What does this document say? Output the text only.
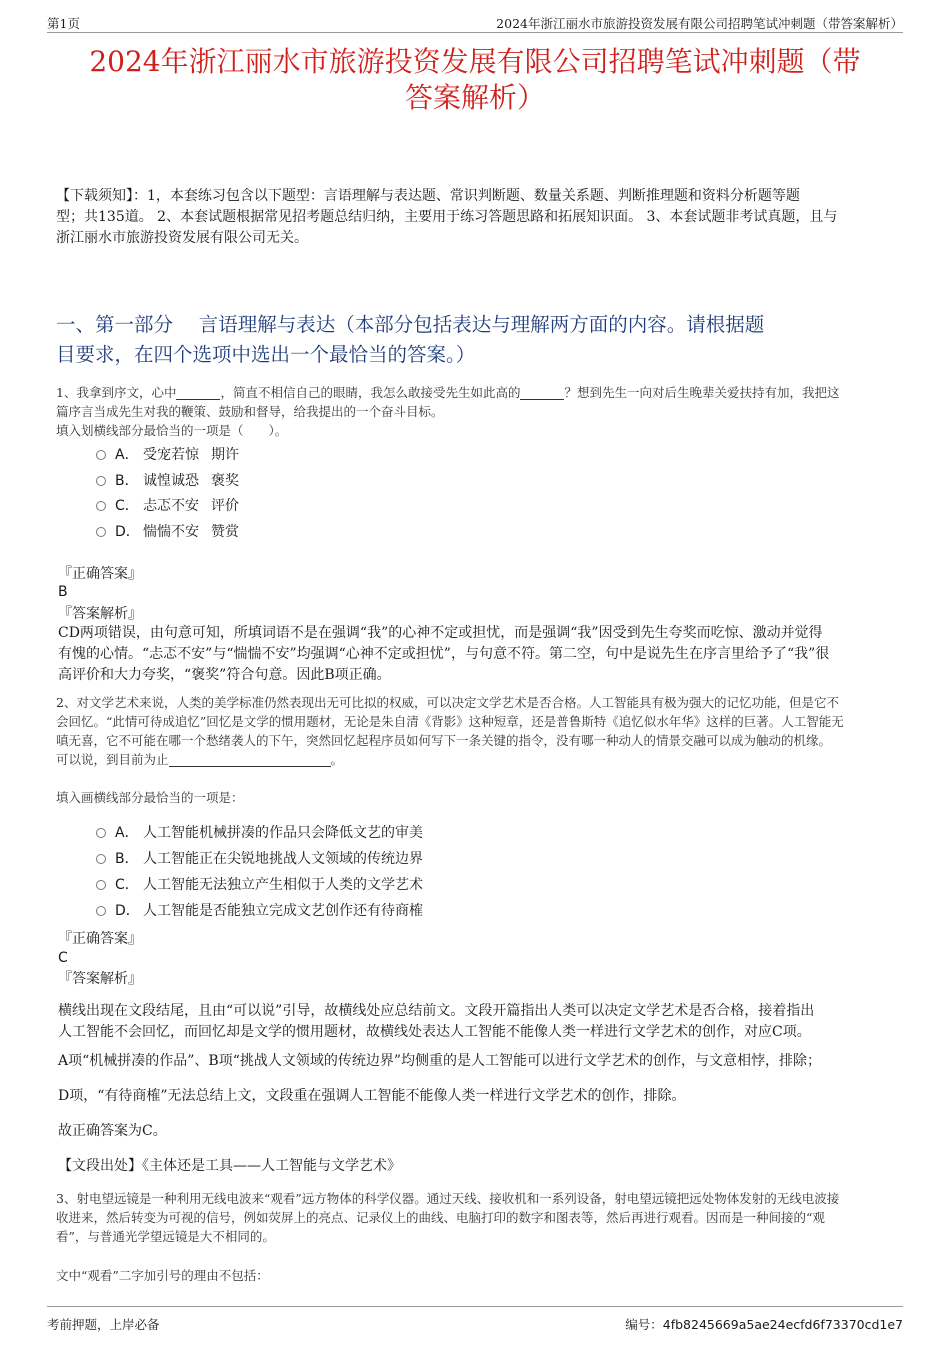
第1页	2024年浙江丽水市旅游投资发展有限公司招聘笔试冲刺题（带答案解析）
2024年浙江丽水市旅游投资发展有限公司招聘笔试冲刺题（带
答案解析）
【下载须知】：1，本套练习包含以下题型：言语理解与表达题、常识判断题、数量关系题、判断推理题和资料分析题等题
型；共135道。 2、本套试题根据常见招考题总结归纳，主要用于练习答题思路和拓展知识面。 3、本套试题非考试真题，且与
浙江丽水市旅游投资发展有限公司无关。
一、第一部分　 言语理解与表达（本部分包括表达与理解两方面的内容。请根据题
目要求，在四个选项中选出一个最恰当的答案。）
1、我拿到序文，心中	，简直不相信自己的眼睛，我怎么敢接受先生如此高的	？想到先生一向对后生晚辈关爱扶持有加，我把这
篇序言当成先生对我的鞭策、鼓励和督导，给我提出的一个奋斗目标。
填入划横线部分最恰当的一项是（　　）。
A． 受宠若惊 期许
B． 诚惶诚恐 褒奖
C． 忐忑不安 评价
D． 惴惴不安 赞赏
『正确答案』
B
『答案解析』
CD两项错误，由句意可知，所填词语不是在强调“我”的心神不定或担忧，而是强调“我”因受到先生夸奖而吃惊、激动并觉得
有愧的心情。“忐忑不安”与“惴惴不安”均强调“心神不定或担忧”，与句意不符。第二空，句中是说先生在序言里给予了“我”很
高评价和大力夸奖，“褒奖”符合句意。因此B项正确。
2、对文学艺术来说，人类的美学标准仍然表现出无可比拟的权威，可以决定文学艺术是否合格。人工智能具有极为强大的记忆功能，但是它不
会回忆。“此情可待成追忆”回忆是文学的惯用题材，无论是朱自清《背影》这种短章，还是普鲁斯特《追忆似水年华》这样的巨著。人工智能无
嗔无喜，它不可能在哪一个愁绪袭人的下午，突然回忆起程序员如何写下一条关键的指令，没有哪一种动人的情景交融可以成为触动的机缘。
可以说，到目前为止	。
填入画横线部分最恰当的一项是：
A． 人工智能机械拼凑的作品只会降低文艺的审美
B． 人工智能正在尖锐地挑战人文领域的传统边界
C． 人工智能无法独立产生相似于人类的文学艺术
D． 人工智能是否能独立完成文艺创作还有待商榷
『正确答案』
C
『答案解析』
横线出现在文段结尾，且由“可以说”引导，故横线处应总结前文。文段开篇指出人类可以决定文学艺术是否合格，接着指出
人工智能不会回忆，而回忆却是文学的惯用题材，故横线处表达人工智能不能像人类一样进行文学艺术的创作，对应C项。
A项“机械拼凑的作品”、B项“挑战人文领域的传统边界”均侧重的是人工智能可以进行文学艺术的创作，与文意相悖，排除；
D项，“有待商榷”无法总结上文，文段重在强调人工智能不能像人类一样进行文学艺术的创作，排除。
故正确答案为C。
【文段出处】《主体还是工具——人工智能与文学艺术》
3、射电望远镜是一种利用无线电波来“观看”远方物体的科学仪器。通过天线、接收机和一系列设备，射电望远镜把远处物体发射的无线电波接
收进来，然后转变为可视的信号，例如荧屏上的亮点、记录仪上的曲线、电脑打印的数字和图表等，然后再进行观看。因而是一种间接的“观
看”，与普通光学望远镜是大不相同的。
文中“观看”二字加引号的理由不包括：
考前押题，上岸必备	编号：4fb8245669a5ae24ecfd6f73370cd1e7
